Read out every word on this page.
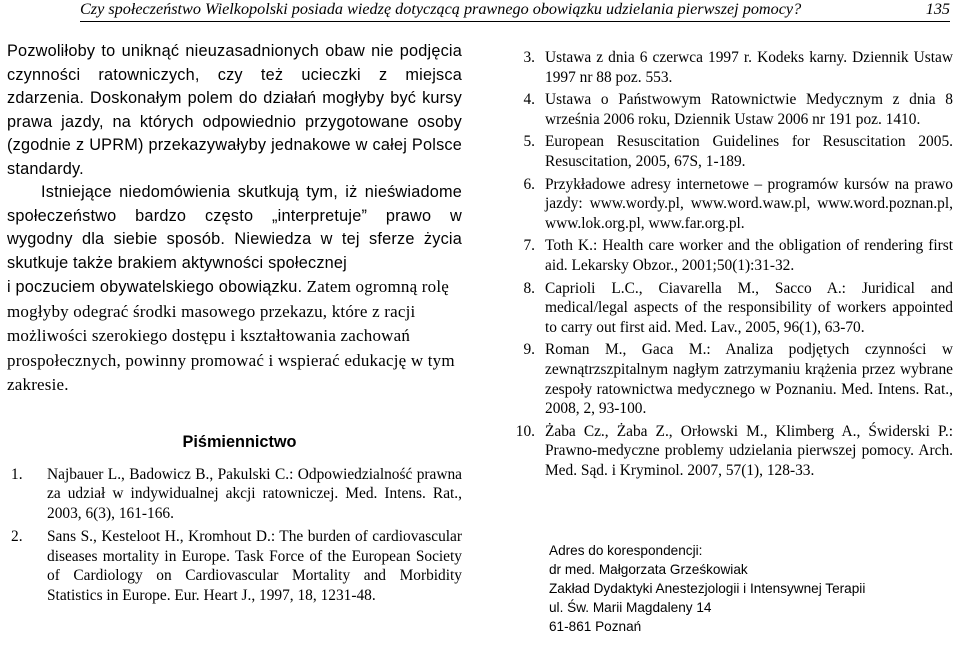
Czy społeczeństwo Wielkopolski posiada wiedzę dotyczącą prawnego obowiązku udzielania pierwszej pomocy?	135

Pozwoliłoby to uniknąć nieuzasadnionych obaw nie podjęcia czynności ratowniczych, czy też ucieczki z miejsca zdarzenia. Doskonałym polem do działań mogłyby być kursy prawa jazdy, na których odpowiednio przygotowane osoby (zgodnie z UPRM) przekazywałyby jednakowe w całej Polsce standardy.

Istniejące niedomówienia skutkują tym, iż nieświadome społeczeństwo bardzo często „interpretuje” prawo w wygodny dla siebie sposób. Niewiedza w tej sferze życia skutkuje także brakiem aktywności społecznej

i poczuciem obywatelskiego obowiązku. Zatem ogromną rolę mogłyby odegrać środki masowego przekazu, które z racji możliwości szerokiego dostępu i kształtowania zachowań prospołecznych, powinny promować i wspierać edukację w tym zakresie.

Piśmiennictwo
1. Najbauer L., Badowicz B., Pakulski C.: Odpowiedzialność prawna za udział w indywidualnej akcji ratowniczej. Med. Intens. Rat., 2003, 6(3), 161-166.
2. Sans S., Kesteloot H., Kromhout D.: The burden of cardiovascular diseases mortality in Europe. Task Force of the European Society of Cardiology on Cardiovascular Mortality and Morbidity Statistics in Europe. Eur. Heart J., 1997, 18, 1231-48.
3. Ustawa z dnia 6 czerwca 1997 r. Kodeks karny. Dziennik Ustaw 1997 nr 88 poz. 553.
4. Ustawa o Państwowym Ratownictwie Medycznym z dnia 8 września 2006 roku, Dziennik Ustaw 2006 nr 191 poz. 1410.
5. European Resuscitation Guidelines for Resuscitation 2005. Resuscitation, 2005, 67S, 1-189.
6. Przykładowe adresy internetowe – programów kursów na prawo jazdy: www.wordy.pl, www.word.waw.pl, www.word.poznan.pl, www.lok.org.pl, www.far.org.pl.
7. Toth K.: Health care worker and the obligation of rendering first aid. Lekarsky Obzor., 2001;50(1):31-32.
8. Caprioli L.C., Ciavarella M., Sacco A.: Juridical and medical/legal aspects of the responsibility of workers appointed to carry out first aid. Med. Lav., 2005, 96(1), 63-70.
9. Roman M., Gaca M.: Analiza podjętych czynności w zewnątrzszpitalnym nagłym zatrzymaniu krążenia przez wybrane zespoły ratownictwa medycznego w Poznaniu. Med. Intens. Rat., 2008, 2, 93-100.
10. Żaba Cz., Żaba Z., Orłowski M., Klimberg A., Świderski P.: Prawno-medyczne problemy udzielania pierwszej pomocy. Arch. Med. Sąd. i Kryminol. 2007, 57(1), 128-33.
Adres do korespondencji:
dr med. Małgorzata Grześkowiak
Zakład Dydaktyki Anestezjologii i Intensywnej Terapii
ul. Św. Marii Magdaleny 14
61-861 Poznań
